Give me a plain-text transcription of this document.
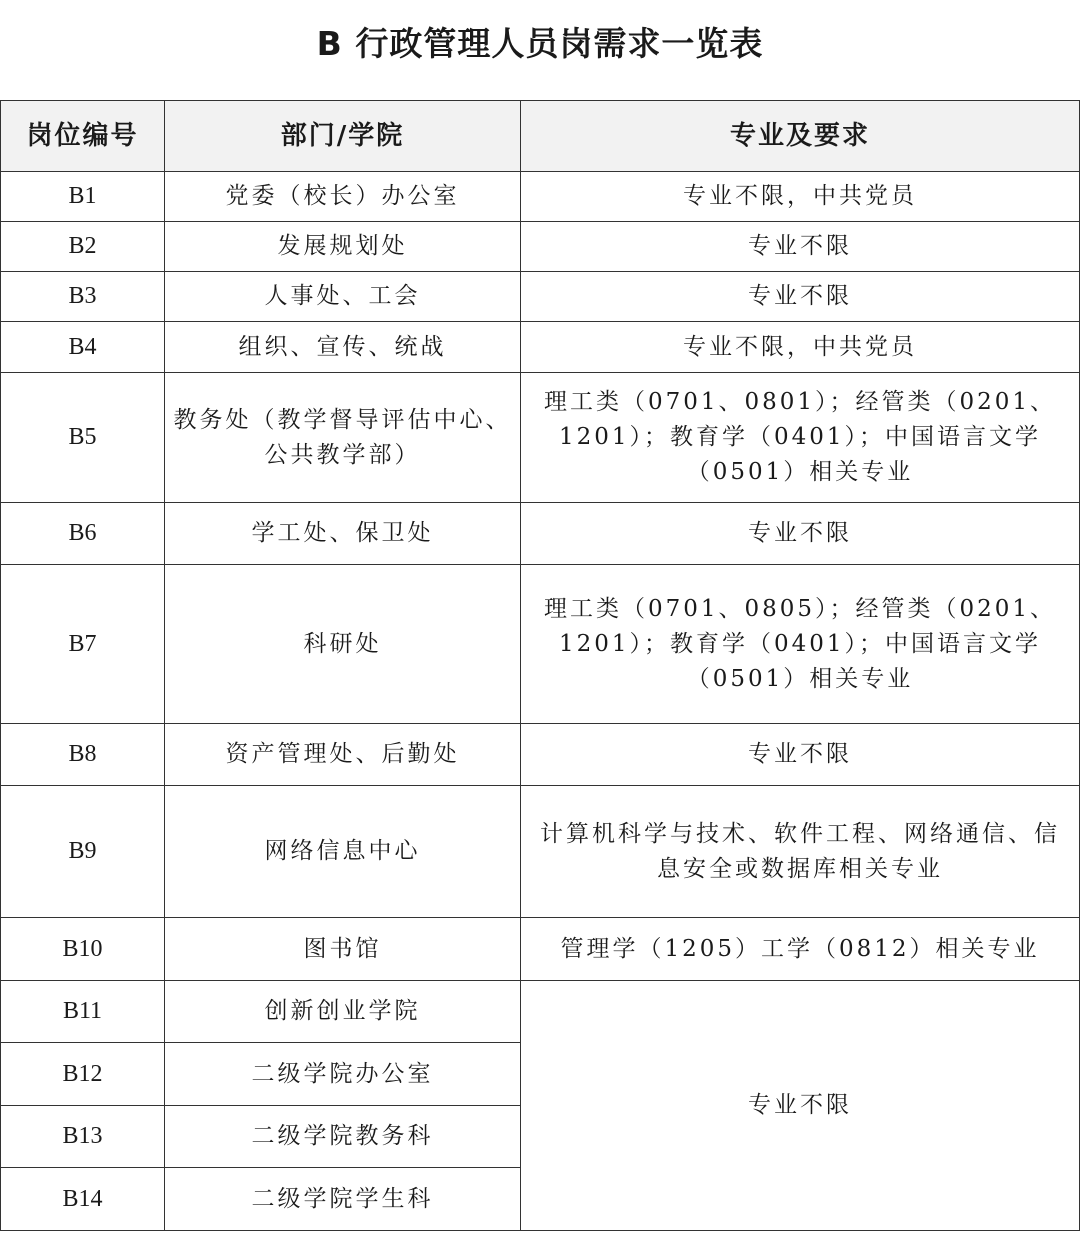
B 行政管理人员岗需求一览表
岗位编号	部门/学院	专业及要求
B1	党委（校长）办公室	专业不限，中共党员
B2	发展规划处	专业不限
B3	人事处、工会	专业不限
B4	组织、宣传、统战	专业不限，中共党员
B5	教务处（教学督导评估中心、公共教学部）	理工类（0701、0801）；经管类（0201、1201）；教育学（0401）；中国语言文学（0501）相关专业
B6	学工处、保卫处	专业不限
B7	科研处	理工类（0701、0805）；经管类（0201、1201）；教育学（0401）；中国语言文学（0501）相关专业
B8	资产管理处、后勤处	专业不限
B9	网络信息中心	计算机科学与技术、软件工程、网络通信、信息安全或数据库相关专业
B10	图书馆	管理学（1205）工学（0812）相关专业
B11	创新创业学院	专业不限
B12	二级学院办公室	
B13	二级学院教务科	
B14	二级学院学生科	
